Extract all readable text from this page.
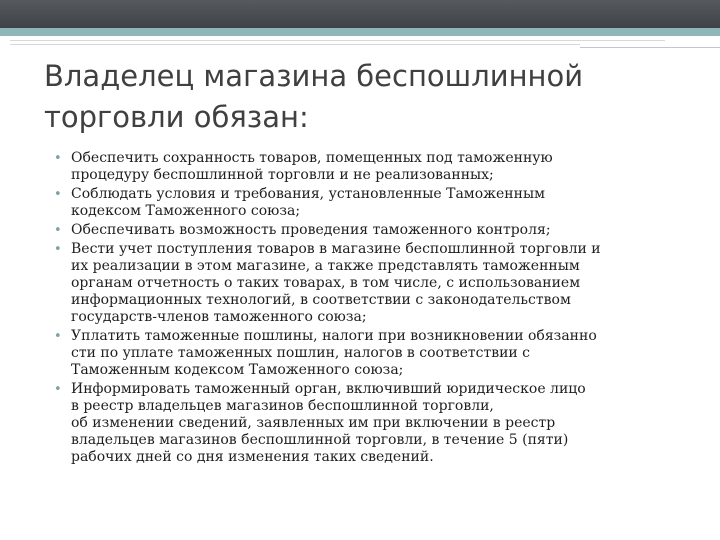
Владелец магазина беспошлинной
торговли обязан:
• Обеспечить сохранность товаров, помещенных под таможенную
процедуру беспошлинной торговли и не реализованных;
• Соблюдать условия и требования, установленные Таможенным
кодексом Таможенного союза;
• Обеспечивать возможность проведения таможенного контроля;
• Вести учет поступления товаров в магазине беспошлинной торговли и
их реализации в этом магазине, а также представлять таможенным
органам отчетность о таких товарах, в том числе, с использованием
информационных технологий, в соответствии с законодательством
государств-членов таможенного союза;
• Уплатить таможенные пошлины, налоги при возникновении обязанно
сти по уплате таможенных пошлин, налогов в соответствии с
Таможенным кодексом Таможенного союза;
• Информировать таможенный орган, включивший юридическое лицо
в реестр владельцев магазинов беспошлинной торговли,
об изменении сведений, заявленных им при включении в реестр
владельцев магазинов беспошлинной торговли, в течение 5 (пяти)
рабочих дней со дня изменения таких сведений.
